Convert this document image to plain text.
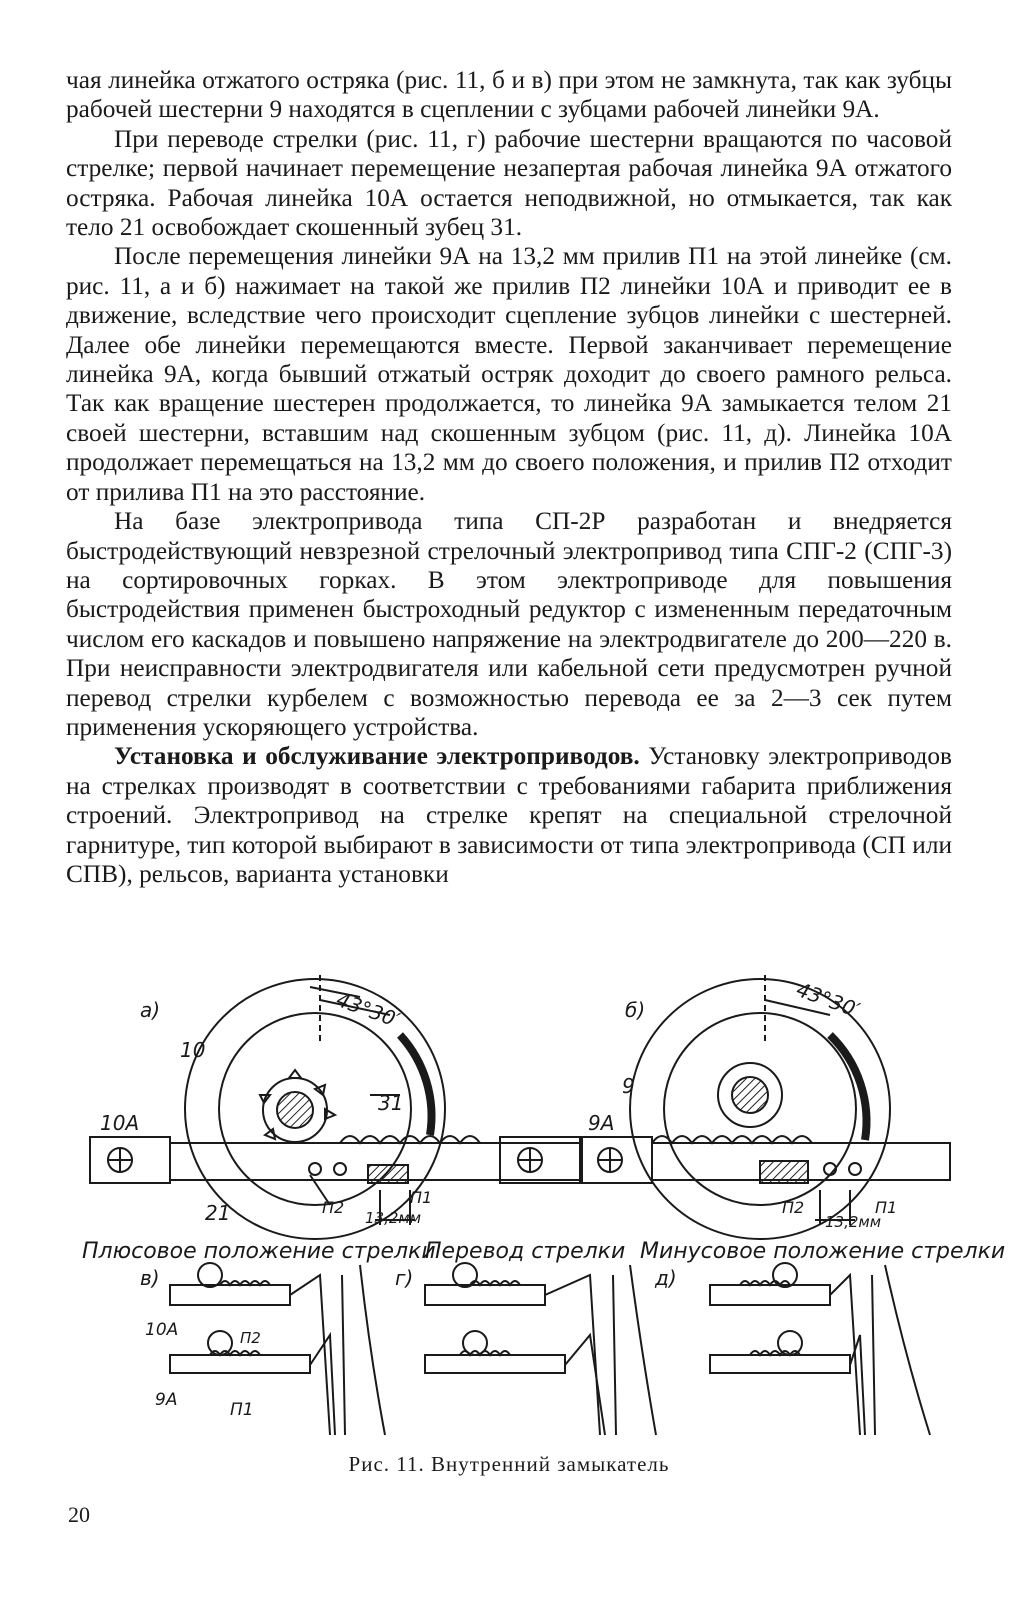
чая линейка отжатого остряка (рис. 11, б и в) при этом не замкнута, так как зубцы рабочей шестерни 9 находятся в сцеплении с зубцами рабочей линейки 9А.

При переводе стрелки (рис. 11, г) рабочие шестерни вращаются по часовой стрелке; первой начинает перемещение незапертая рабочая линейка 9А отжатого остряка. Рабочая линейка 10А остается неподвижной, но отмыкается, так как тело 21 освобождает скошенный зубец 31.

После перемещения линейки 9А на 13,2 мм прилив П1 на этой линейке (см. рис. 11, а и б) нажимает на такой же прилив П2 линейки 10А и приводит ее в движение, вследствие чего происходит сцепление зубцов линейки с шестерней. Далее обе линейки перемещаются вместе. Первой заканчивает перемещение линейка 9А, когда бывший отжатый остряк доходит до своего рамного рельса. Так как вращение шестерен продолжается, то линейка 9А замыкается телом 21 своей шестерни, вставшим над скошенным зубцом (рис. 11, д). Линейка 10А продолжает перемещаться на 13,2 мм до своего положения, и прилив П2 отходит от прилива П1 на это расстояние.

На базе электропривода типа СП-2Р разработан и внедряется быстродействующий невзрезной стрелочный электропривод типа СПГ-2 (СПГ-3) на сортировочных горках. В этом электроприводе для повышения быстродействия применен быстроходный редуктор с измененным передаточным числом его каскадов и повышено напряжение на электродвигателе до 200—220 в. При неисправности электродвигателя или кабельной сети предусмотрен ручной перевод стрелки курбелем с возможностью перевода ее за 2—3 сек путем применения ускоряющего устройства.

Установка и обслуживание электроприводов. Установку электроприводов на стрелках производят в соответствии с требованиями габарита приближения строений. Электропривод на стрелке крепят на специальной стрелочной гарнитуре, тип которой выбирают в зависимости от типа электропривода (СП или СПВ), рельсов, варианта установки

а)	б)
43°30′	43°30′
10
9
10А	9А
31
21	П2
П1
13,2мм
П2	П1
13,2мм
Плюсовое положение стрелки
Перевод стрелки Минусовое положение стрелки
в)	г)	д)
10А
9А
П2
П1
Рис. 11. Внутренний замыкатель
20
